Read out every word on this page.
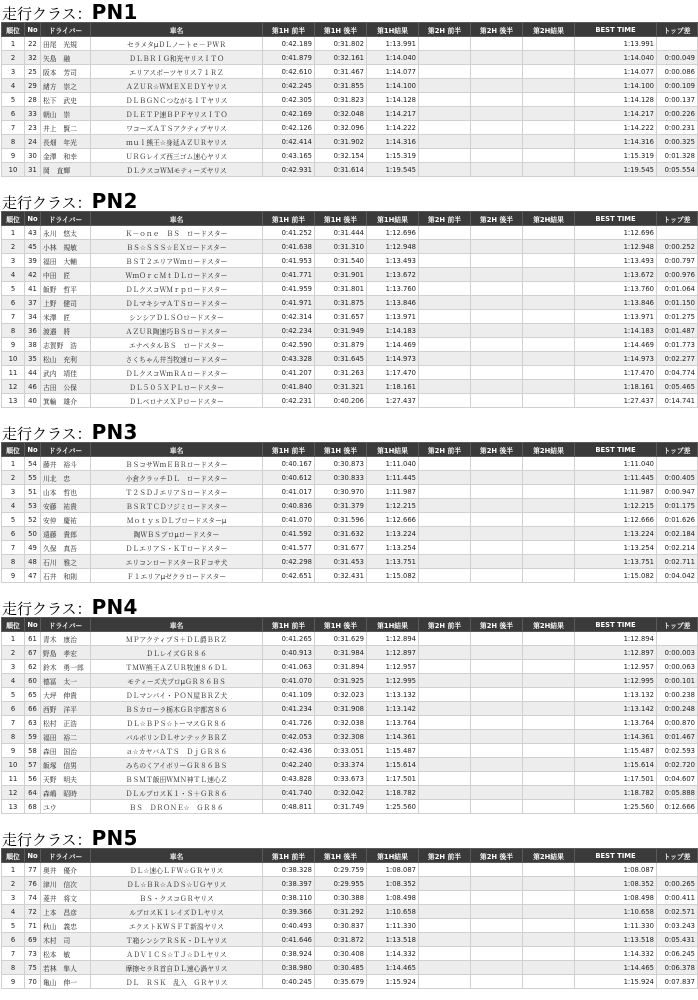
走行クラス：PN1
順位	No	ドライバー	車名	第1H 前半	第1H 後半	第1H結果	第2H 前半	第2H 後半	第2H結果	BEST TIME	トップ差
1	22	田尾　光規	セラメタμＤＬノートｅ－ＰＷＲ	0:42.189	0:31.802	1:13.991				1:13.991	
2	32	矢島　融	ＤＬＢＲＩＧ和光ヤリスＩＴＯ	0:41.879	0:32.161	1:14.040				1:14.040	0:00.049
3	25	阪本　芳司	エリアスポーツヤリス７１ＲＺ	0:42.610	0:31.467	1:14.077				1:14.077	0:00.086
4	29	緒方　崇之	ＡＺＵＲ☆ＷＭＥＸＥＤＹヤリス	0:42.245	0:31.855	1:14.100				1:14.100	0:00.109
5	28	松下　武史	ＤＬＢＧＮＣつながるＩＴヤリス	0:42.305	0:31.823	1:14.128				1:14.128	0:00.137
6	33	朝山　崇	ＤＬＥＴＰ速ＢＰＦヤリスＩＴＯ	0:42.169	0:32.048	1:14.217				1:14.217	0:00.226
7	23	井上　賢二	ワコーズＡＴＳアクティブヤリス	0:42.126	0:32.096	1:14.222				1:14.222	0:00.231
8	24	長畑　年光	ｍｕｌ熊王☆身延ＡＺＵＲヤリス	0:42.414	0:31.902	1:14.316				1:14.316	0:00.325
9	30	金澤　和幸	ＵＲＧレイズ西三ゴム速心ヤリス	0:43.165	0:32.154	1:15.319				1:15.319	0:01.328
10	31	岡　直輝	ＤＬクスコＷＭモティーズヤリス	0:42.931	0:31.614	1:19.545				1:19.545	0:05.554
走行クラス：PN2
順位	No	ドライバー	車名	第1H 前半	第1H 後半	第1H結果	第2H 前半	第2H 後半	第2H結果	BEST TIME	トップ差
1	43	永川　悠太	Ｋ－ｏｎｅ　ＢＳ　ロードスター	0:41.252	0:31.444	1:12.696				1:12.696	
2	45	小林　規敏	ＢＳ☆ＳＳＳ☆ＥＸロードスター	0:41.638	0:31.310	1:12.948				1:12.948	0:00.252
3	39	福田　大輔	ＢＳＴ２エリアＷｍロードスター	0:41.953	0:31.540	1:13.493				1:13.493	0:00.797
4	42	中田　匠	ＷｍＯｒｃＭｔＤＬロードスター	0:41.771	0:31.901	1:13.672				1:13.672	0:00.976
5	41	飯野　哲平	ＤＬクスコＷＭｒｐロードスター	0:41.959	0:31.801	1:13.760				1:13.760	0:01.064
6	37	上野　健司	ＤＬマキシマＡＴＳロードスター	0:41.971	0:31.875	1:13.846				1:13.846	0:01.150
7	34	米澤　匠	シンシアＤＬＳＯロードスター	0:42.314	0:31.657	1:13.971				1:13.971	0:01.275
8	36	渡邉　將	ＡＺＵＲ陶速巧ＢＳロードスター	0:42.234	0:31.949	1:14.183				1:14.183	0:01.487
9	38	志賀野　浩	エナペタルＢＳ　ロードスター	0:42.590	0:31.879	1:14.469				1:14.469	0:01.773
10	35	松山　充利	さくちゃん井当牧速ロードスター	0:43.328	0:31.645	1:14.973				1:14.973	0:02.277
11	44	武内　靖佳	ＤＬクスコＷｍＲＡロードスター	0:41.207	0:31.263	1:17.470				1:17.470	0:04.774
12	46	古田　公保	ＤＬ５０５ＸＰＬロードスター	0:41.840	0:31.321	1:18.161				1:18.161	0:05.465
13	40	箕輪　雄介	ＤＬベロナスＸＰロードスター	0:42.231	0:40.206	1:27.437				1:27.437	0:14.741
走行クラス：PN3
順位	No	ドライバー	車名	第1H 前半	第1H 後半	第1H結果	第2H 前半	第2H 後半	第2H結果	BEST TIME	トップ差
1	54	藤井　裕斗	ＢＳコサＷｍＥＢＲロードスター	0:40.167	0:30.873	1:11.040				1:11.040	
2	55	川北　忠	小倉クラッチＤＬ　ロードスター	0:40.612	0:30.833	1:11.445				1:11.445	0:00.405
3	51	山本　哲也	Ｔ２ＳＤＪエリアＳロードスター	0:41.017	0:30.970	1:11.987				1:11.987	0:00.947
4	53	安藤　祐貴	ＢＳＲＴＣＤフジミロードスター	0:40.836	0:31.379	1:12.215				1:12.215	0:01.175
5	52	安仲　慶祐	ＭｏｔｙｓＤＬプロードスターμ	0:41.070	0:31.596	1:12.666				1:12.666	0:01.626
6	50	遠藤　貴郎	陶ＷＢＳプロμロードスター	0:41.592	0:31.632	1:13.224				1:13.224	0:02.184
7	49	久保　真吾	ＤＬエリアＳ・ＫＴロードスター	0:41.577	0:31.677	1:13.254				1:13.254	0:02.214
8	48	石川　雅之	エリコンロードスターＲＦコサ犬	0:42.298	0:31.453	1:13.751				1:13.751	0:02.711
9	47	石井　和則	Ｆ１エリアμゼクラロードスター	0:42.651	0:32.431	1:15.082				1:15.082	0:04.042
走行クラス：PN4
順位	No	ドライバー	車名	第1H 前半	第1H 後半	第1H結果	第2H 前半	第2H 後半	第2H結果	BEST TIME	トップ差
1	61	青木　康治	ＭＰアクティブＳ＋ＤＬ爵ＢＲＺ	0:41.265	0:31.629	1:12.894				1:12.894	
2	67	野島　孝宏	ＤＬレイズＧＲ８６	0:40.913	0:31.984	1:12.897				1:12.897	0:00.003
3	62	鈴木　勇一郎	ＴＭＷ熊王ＡＺＵＲ牧速８６ＤＬ	0:41.063	0:31.894	1:12.957				1:12.957	0:00.063
4	60	德冨　太一	モティーズ犬プロμＧＲ８６ＢＳ	0:41.070	0:31.925	1:12.995				1:12.995	0:00.101
5	65	大坪　伸貴	ＤＬマンパイ・ＰＯＮ屋ＢＲＺ犬	0:41.109	0:32.023	1:13.132				1:13.132	0:00.238
6	66	西野　洋平	ＢＳカローラ栃木ＧＲ宇都宮８６	0:41.234	0:31.908	1:13.142				1:13.142	0:00.248
7	63	松村　正浩	ＤＬ☆ＢＰＳ☆トーマスＧＲ８６	0:41.726	0:32.038	1:13.764				1:13.764	0:00.870
8	59	福田　裕二	バルボリンＤＬサンテックＢＲＺ	0:42.053	0:32.308	1:14.361				1:14.361	0:01.467
9	58	森田　国治	ａ☆カヤバＡＴＳ　ＤｊＧＲ８６	0:42.436	0:33.051	1:15.487				1:15.487	0:02.593
10	57	飯塚　信男	みちのくアイボリーＧＲ８６ＢＳ	0:42.240	0:33.374	1:15.614				1:15.614	0:02.720
11	56	天野　明夫	ＢＳＭＴ飯田ＷＭＮ神ＴＬ速心Ｚ	0:43.828	0:33.673	1:17.501				1:17.501	0:04.607
12	64	森嶋　昭時	ＤＬルブロスＫ１・Ｓ＋ＧＲ８６	0:41.740	0:32.042	1:18.782				1:18.782	0:05.888
13	68	ユウ	ＢＳ　ＤＲＯＮＥ☆　ＧＲ８６	0:48.811	0:31.749	1:25.560				1:25.560	0:12.666
走行クラス：PN5
順位	No	ドライバー	車名	第1H 前半	第1H 後半	第1H結果	第2H 前半	第2H 後半	第2H結果	BEST TIME	トップ差
1	77	奥井　優介	ＤＬ☆速心ＬＦＷ☆ＧＲヤリス	0:38.328	0:29.759	1:08.087				1:08.087	
2	76	津川　信次	ＤＬ☆ＢＲ☆ＡＤＳ☆ＵＧヤリス	0:38.397	0:29.955	1:08.352				1:08.352	0:00.265
3	74	菱井　将文	ＢＳ・クスコＧＲヤリス	0:38.110	0:30.388	1:08.498				1:08.498	0:00.411
4	72	上本　昌彦	ルブロスＫ１レイズＤＬヤリス	0:39.366	0:31.292	1:10.658				1:10.658	0:02.571
5	71	秋山　義忠	エクストＫＷＳＦＴ新潟ヤリス	0:40.493	0:30.837	1:11.330				1:11.330	0:03.243
6	69	木村　司	Ｔ箱シンシアＲＳＫ・ＤＬヤリス	0:41.646	0:31.872	1:13.518				1:13.518	0:05.431
7	73	松本　敏	ＡＤＶＩＣＳ☆ＴＪ☆ＤＬヤリス	0:38.924	0:30.408	1:14.332				1:14.332	0:06.245
8	75	若林　隼人	摩擦セラＲ首自ＤＬ速心渦ヤリス	0:38.980	0:30.485	1:14.465				1:14.465	0:06.378
9	70	亀山　伸一	ＤＬ　ＲＳＫ　乱入　ＧＲヤリス	0:40.245	0:35.679	1:15.924				1:15.924	0:07.837
